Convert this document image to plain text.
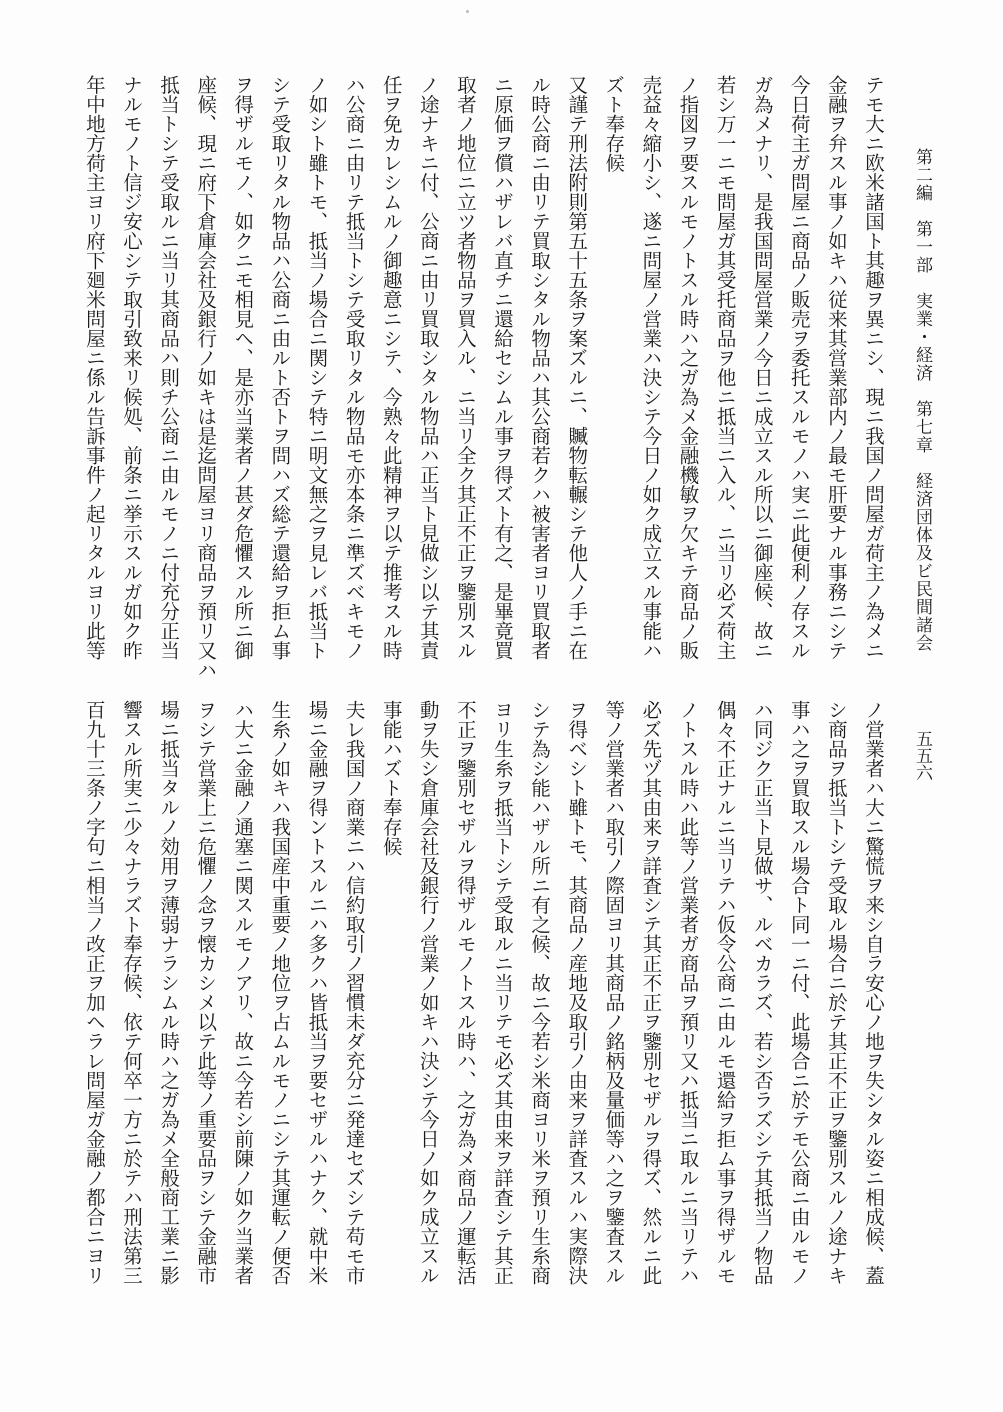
第二編　第一部　実業・経済　第七章　経済団体及ビ民間諸会
五五六
テモ大ニ欧米諸国ト其趣ヲ異ニシ、現ニ我国ノ問屋ガ荷主ノ為メニ
金融ヲ弁スル事ノ如キハ従来其営業部内ノ最モ肝要ナル事務ニシテ
今日荷主ガ問屋ニ商品ノ販売ヲ委托スルモノハ実ニ此便利ノ存スル
ガ為メナリ、是我国問屋営業ノ今日ニ成立スル所以ニ御座候、故ニ
若シ万一ニモ問屋ガ其受托商品ヲ他ニ抵当ニ入ル、ニ当リ必ズ荷主
ノ指図ヲ要スルモノトスル時ハ之ガ為メ金融機敏ヲ欠キテ商品ノ販
売益々縮小シ、遂ニ問屋ノ営業ハ決シテ今日ノ如ク成立スル事能ハ
ズト奉存候
又謹テ刑法附則第五十五条ヲ案ズルニ、贓物転輾シテ他人ノ手ニ在
ル時公商ニ由リテ買取シタル物品ハ其公商若クハ被害者ヨリ買取者
ニ原価ヲ償ハザレバ直チニ還給セシムル事ヲ得ズト有之、是畢竟買
取者ノ地位ニ立ツ者物品ヲ買入ル、ニ当リ全ク其正不正ヲ鑒別スル
ノ途ナキニ付、公商ニ由リ買取シタル物品ハ正当ト見做シ以テ其責
任ヲ免カレシムルノ御趣意ニシテ、今熟々此精神ヲ以テ推考スル時
ハ公商ニ由リテ抵当トシテ受取リタル物品モ亦本条ニ準ズベキモノ
ノ如シト雖トモ、抵当ノ場合ニ関シテ特ニ明文無之ヲ見レバ抵当ト
シテ受取リタル物品ハ公商ニ由ルト否トヲ問ハズ総テ還給ヲ拒ム事
ヲ得ザルモノ、如クニモ相見ヘ、是亦当業者ノ甚ダ危懼スル所ニ御
座候、現ニ府下倉庫会社及銀行ノ如キは是迄問屋ヨリ商品ヲ預リ又ハ
抵当トシテ受取ルニ当リ其商品ハ則チ公商ニ由ルモノニ付充分正当
ナルモノト信ジ安心シテ取引致来リ候処、前条ニ挙示スルガ如ク昨
年中地方荷主ヨリ府下廻米問屋ニ係ル告訴事件ノ起リタルヨリ此等
ノ営業者ハ大ニ驚慌ヲ来シ自ラ安心ノ地ヲ失シタル姿ニ相成候、蓋
シ商品ヲ抵当トシテ受取ル場合ニ於テ其正不正ヲ鑒別スルノ途ナキ
事ハ之ヲ買取スル場合ト同一ニ付、此場合ニ於テモ公商ニ由ルモノ
ハ同ジク正当ト見做サ、ルベカラズ、若シ否ラズシテ其抵当ノ物品
偶々不正ナルニ当リテハ仮令公商ニ由ルモ還給ヲ拒ム事ヲ得ザルモ
ノトスル時ハ此等ノ営業者ガ商品ヲ預リ又ハ抵当ニ取ルニ当リテハ
必ズ先ヅ其由来ヲ詳査シテ其正不正ヲ鑒別セザルヲ得ズ、然ルニ此
等ノ営業者ハ取引ノ際固ヨリ其商品ノ銘柄及量価等ハ之ヲ鑒査スル
ヲ得ベシト雖トモ、其商品ノ産地及取引ノ由来ヲ詳査スルハ実際決
シテ為シ能ハザル所ニ有之候、故ニ今若シ米商ヨリ米ヲ預リ生糸商
ヨリ生糸ヲ抵当トシテ受取ルニ当リテモ必ズ其由来ヲ詳査シテ其正
不正ヲ鑒別セザルヲ得ザルモノトスル時ハ、之ガ為メ商品ノ運転活
動ヲ失シ倉庫会社及銀行ノ営業ノ如キハ決シテ今日ノ如ク成立スル
事能ハズト奉存候
夫レ我国ノ商業ニハ信約取引ノ習慣未ダ充分ニ発達セズシテ苟モ市
場ニ金融ヲ得ントスルニハ多クハ皆抵当ヲ要セザルハナク、就中米
生糸ノ如キハ我国産中重要ノ地位ヲ占ムルモノニシテ其運転ノ便否
ハ大ニ金融ノ通塞ニ関スルモノアリ、故ニ今若シ前陳ノ如ク当業者
ヲシテ営業上ニ危懼ノ念ヲ懐カシメ以テ此等ノ重要品ヲシテ金融市
場ニ抵当タルノ効用ヲ薄弱ナラシムル時ハ之ガ為メ全般商工業ニ影
響スル所実ニ少々ナラズト奉存候、依テ何卒一方ニ於テハ刑法第三
百九十三条ノ字句ニ相当ノ改正ヲ加ヘラレ問屋ガ金融ノ都合ニヨリ
